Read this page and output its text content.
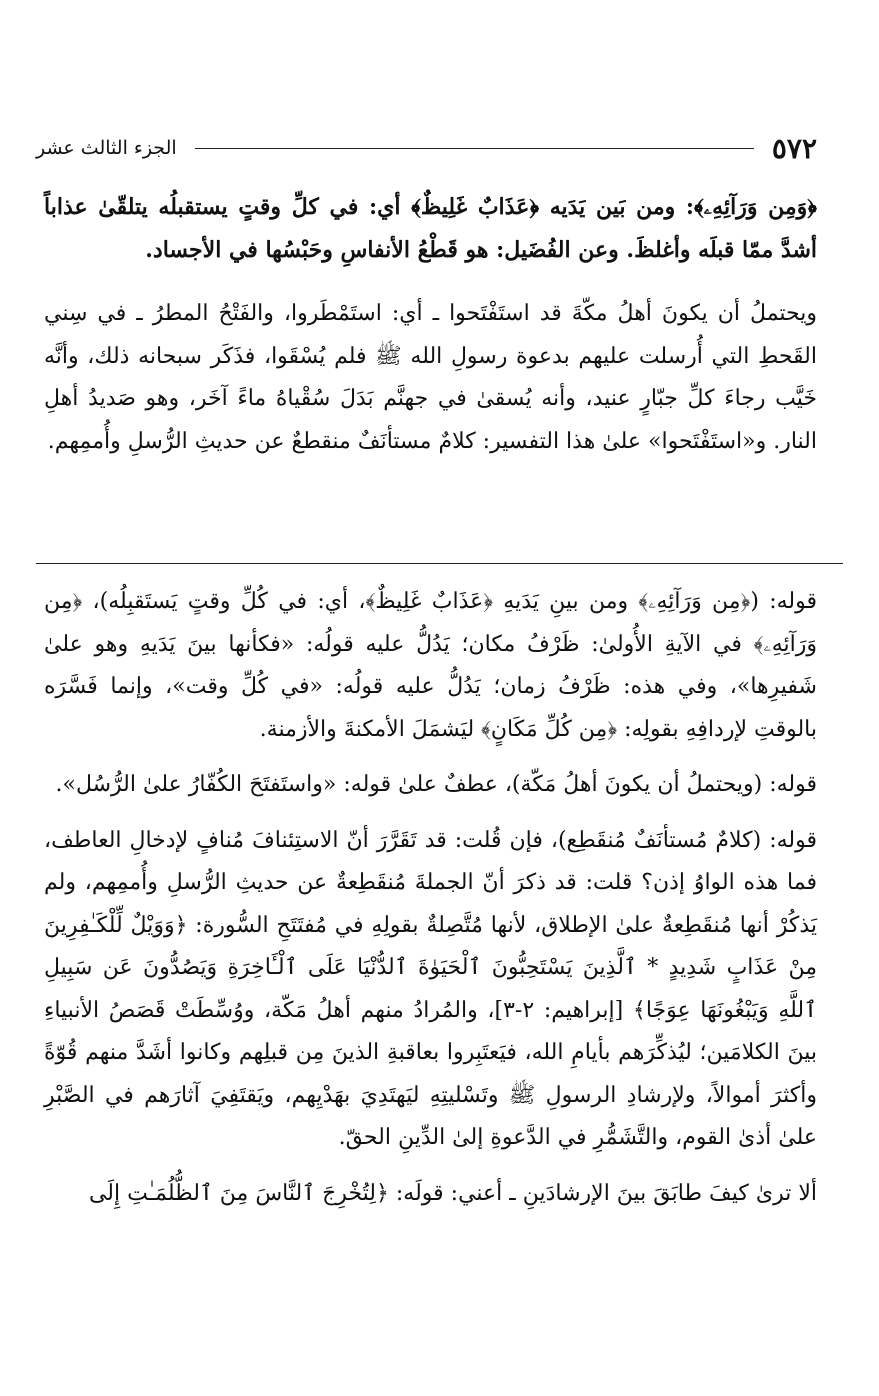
٥٧٢
الجزء الثالث عشر

﴿وَمِن وَرَآئِهِۦ﴾: ومن بَين يَدَيه ﴿عَذَابٌ غَلِيظٌ﴾ أي: في كلِّ وقتٍ يستقبلُه يتلقّىٰ عذاباً أشدَّ ممّا قبلَه وأغلظَ. وعن الفُضَيل: هو قَطْعُ الأنفاسِ وحَبْسُها في الأجساد.

ويحتملُ أن يكونَ أهلُ مكّةَ قد استَفْتَحوا ـ أي: استَمْطَروا، والفَتْحُ المطرُ ـ في سِني القَحطِ التي أُرسلت عليهم بدعوة رسولِ الله ﷺ فلم يُسْقَوا، فذَكَر سبحانه ذلك، وأنَّه خَيَّب رجاءَ كلِّ جبّارٍ عنيد، وأنه يُسقىٰ في جهنَّم بَدَلَ سُقْياهُ ماءً آخَر، وهو صَديدُ أهلِ النار. و«استَفْتَحوا» علىٰ هذا التفسير: كلامٌ مستأنَفٌ منقطعٌ عن حديثِ الرُّسلِ وأُممِهم.

قوله: (﴿مِن وَرَآئِهِۦ﴾ ومن بينِ يَدَيهِ ﴿عَذَابٌ غَلِيظٌ﴾، أي: في كُلِّ وقتٍ يَستَقبِلُه)، ﴿مِن وَرَآئِهِۦ﴾ في الآيةِ الأُولىٰ: ظَرْفُ مكان؛ يَدُلُّ عليه قولُه: «فكأنها بينَ يَدَيهِ وهو علىٰ شَفيرِها»، وفي هذه: ظَرْفُ زمان؛ يَدُلُّ عليه قولُه: «في كُلِّ وقت»، وإنما فَسَّرَه بالوقتِ لإردافِهِ بقولِه: ﴿مِن كُلِّ مَكَانٍ﴾ ليَشمَلَ الأمكنةَ والأزمنة.

قوله: (ويحتملُ أن يكونَ أهلُ مَكّة)، عطفٌ علىٰ قوله: «واستَفتَحَ الكُفّارُ علىٰ الرُّسُل».

قوله: (كلامٌ مُستأنَفٌ مُنقَطِع)، فإن قُلت: قد تَقَرَّرَ أنّ الاستِئنافَ مُنافٍ لإدخالِ العاطف، فما هذه الواوُ إذن؟ قلت: قد ذكرَ أنّ الجملةَ مُنقَطِعةٌ عن حديثِ الرُّسلِ وأُممِهم، ولم يَذكُرْ أنها مُنقَطِعةٌ علىٰ الإطلاق، لأنها مُتَّصِلةٌ بقولِهِ في مُفتَتَحِ السُّورة: ﴿وَوَيْلٌ لِّلْكَـٰفِرِينَ مِنْ عَذَابٍ شَدِيدٍ * ٱلَّذِينَ يَسْتَحِبُّونَ ٱلْحَيَوٰةَ ٱلدُّنْيَا عَلَى ٱلْـَٔاخِرَةِ وَيَصُدُّونَ عَن سَبِيلِ ٱللَّهِ وَيَبْغُونَهَا عِوَجًا﴾ [إبراهيم: ٢-٣]، والمُرادُ منهم أهلُ مَكّة، ووُسِّطَتْ قَصَصُ الأنبياءِ بينَ الكلامَين؛ ليُذكِّرَهم بأيامِ الله، فيَعتَبِروا بعاقبةِ الذينَ مِن قبلِهم وكانوا أشَدَّ منهم قُوّةً وأكثرَ أموالاً، ولإرشادِ الرسولِ ﷺ وتَسْليتِهِ ليَهتَدِيَ بهَدْيِهم، ويَقتَفِيَ آثارَهم في الصَّبْرِ علىٰ أذىٰ القوم، والتَّشَمُّرِ في الدَّعوةِ إلىٰ الدِّينِ الحقّ.

ألا ترىٰ كيفَ طابَقَ بينَ الإرشادَينِ ـ أعني: قولَه: ﴿لِتُخْرِجَ ٱلنَّاسَ مِنَ ٱلظُّلُمَـٰتِ إِلَى
